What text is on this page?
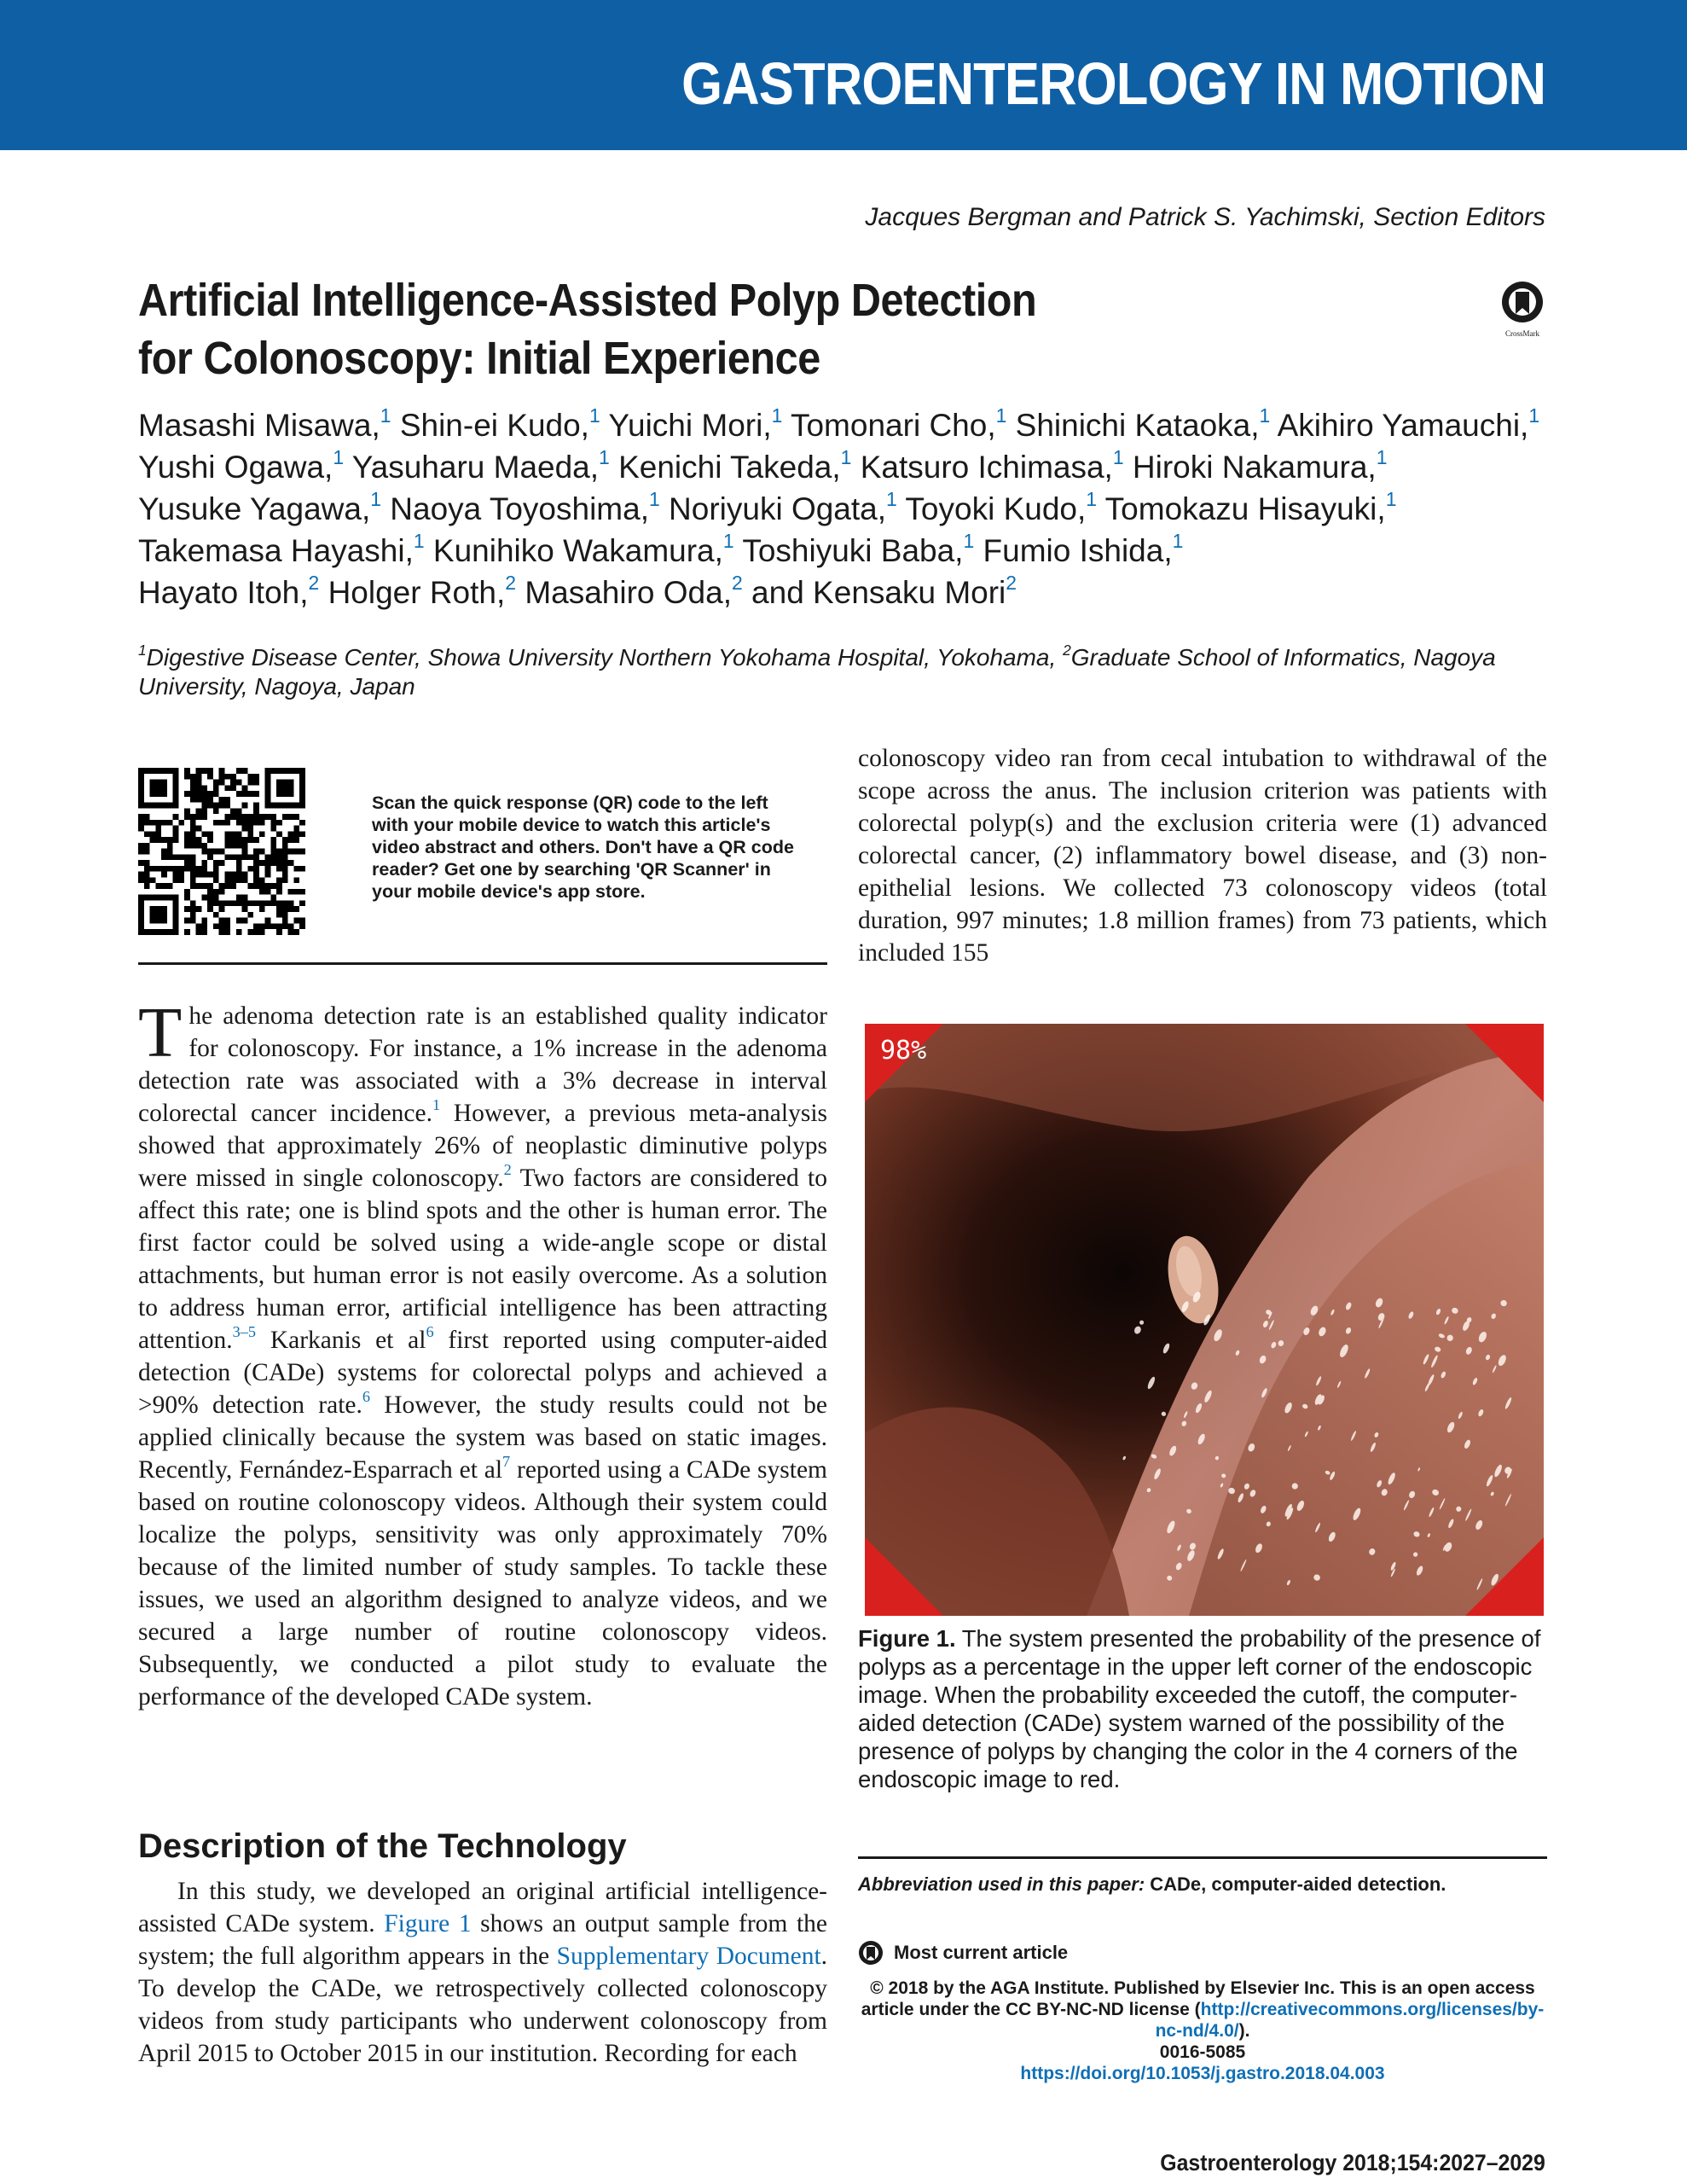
GASTROENTEROLOGY IN MOTION
Jacques Bergman and Patrick S. Yachimski, Section Editors
Artificial Intelligence-Assisted Polyp Detection
for Colonoscopy: Initial Experience	CrossMark
Masashi Misawa,$^1$ Shin-ei Kudo,$^1$ Yuichi Mori,$^1$ Tomonari Cho,$^1$ Shinichi Kataoka,$^1$ Akihiro Yamauchi,$^1$
Yushi Ogawa,$^1$ Yasuharu Maeda,$^1$ Kenichi Takeda,$^1$ Katsuro Ichimasa,$^1$ Hiroki Nakamura,$^1$
Yusuke Yagawa,$^1$ Naoya Toyoshima,$^1$ Noriyuki Ogata,$^1$ Toyoki Kudo,$^1$ Tomokazu Hisayuki,$^1$
Takemasa Hayashi,$^1$ Kunihiko Wakamura,$^1$ Toshiyuki Baba,$^1$ Fumio Ishida,$^1$
Hayato Itoh,$^2$ Holger Roth,$^2$ Masahiro Oda,$^2$ and Kensaku Mori$^2$
$^1$Digestive Disease Center, Showa University Northern Yokohama Hospital, Yokohama, $^2$Graduate School of Informatics, Nagoya University, Nagoya, Japan
Scan the quick response (QR) code to the left with your mobile device to watch this article's video abstract and others. Don't have a QR code reader? Get one by searching 'QR Scanner' in your mobile device's app store.

colonoscopy video ran from cecal intubation to withdrawal of the scope across the anus. The inclusion criterion was patients with colorectal polyp(s) and the exclusion criteria were (1) advanced colorectal cancer, (2) inflammatory bowel disease, and (3) non-epithelial lesions. We collected 73 colonoscopy videos (total duration, 997 minutes; 1.8 million frames) from 73 patients, which included 155

The adenoma detection rate is an established quality indicator for colonoscopy. For instance, a 1% increase in the adenoma detection rate was associated with a 3% decrease in interval colorectal cancer incidence.$^1$ However, a previous meta-analysis showed that approximately 26% of neoplastic diminutive polyps were missed in single colonoscopy.$^2$ Two factors are considered to affect this rate; one is blind spots and the other is human error. The first factor could be solved using a wide-angle scope or distal attachments, but human error is not easily overcome. As a solution to address human error, artificial intelligence has been attracting attention.$^{3-5}$ Karkanis et al$^6$ first reported using computer-aided detection (CADe) systems for colorectal polyps and achieved a >90% detection rate.$^6$ However, the study results could not be applied clinically because the system was based on static images. Recently, Fernández-Esparrach et al$^7$ reported using a CADe system based on routine colonoscopy videos. Although their system could localize the polyps, sensitivity was only approximately 70% because of the limited number of study samples. To tackle these issues, we used an algorithm designed to analyze videos, and we secured a large number of routine colonoscopy videos. Subsequently, we conducted a pilot study to evaluate the performance of the developed CADe system.

Description of the Technology

In this study, we developed an original artificial intelligence-assisted CADe system. Figure 1 shows an output sample from the system; the full algorithm appears in the Supplementary Document. To develop the CADe, we retrospectively collected colonoscopy videos from study participants who underwent colonoscopy from April 2015 to October 2015 in our institution. Recording for each

98%
Figure 1. The system presented the probability of the presence of polyps as a percentage in the upper left corner of the endoscopic image. When the probability exceeded the cutoff, the computer-aided detection (CADe) system warned of the possibility of the presence of polyps by changing the color in the 4 corners of the endoscopic image to red.
Abbreviation used in this paper: CADe, computer-aided detection.
Most current article
© 2018 by the AGA Institute. Published by Elsevier Inc. This is an open access article under the CC BY-NC-ND license (http://creativecommons.org/licenses/by-nc-nd/4.0/).
0016-5085
https://doi.org/10.1053/j.gastro.2018.04.003
Gastroenterology 2018;154:2027–2029
